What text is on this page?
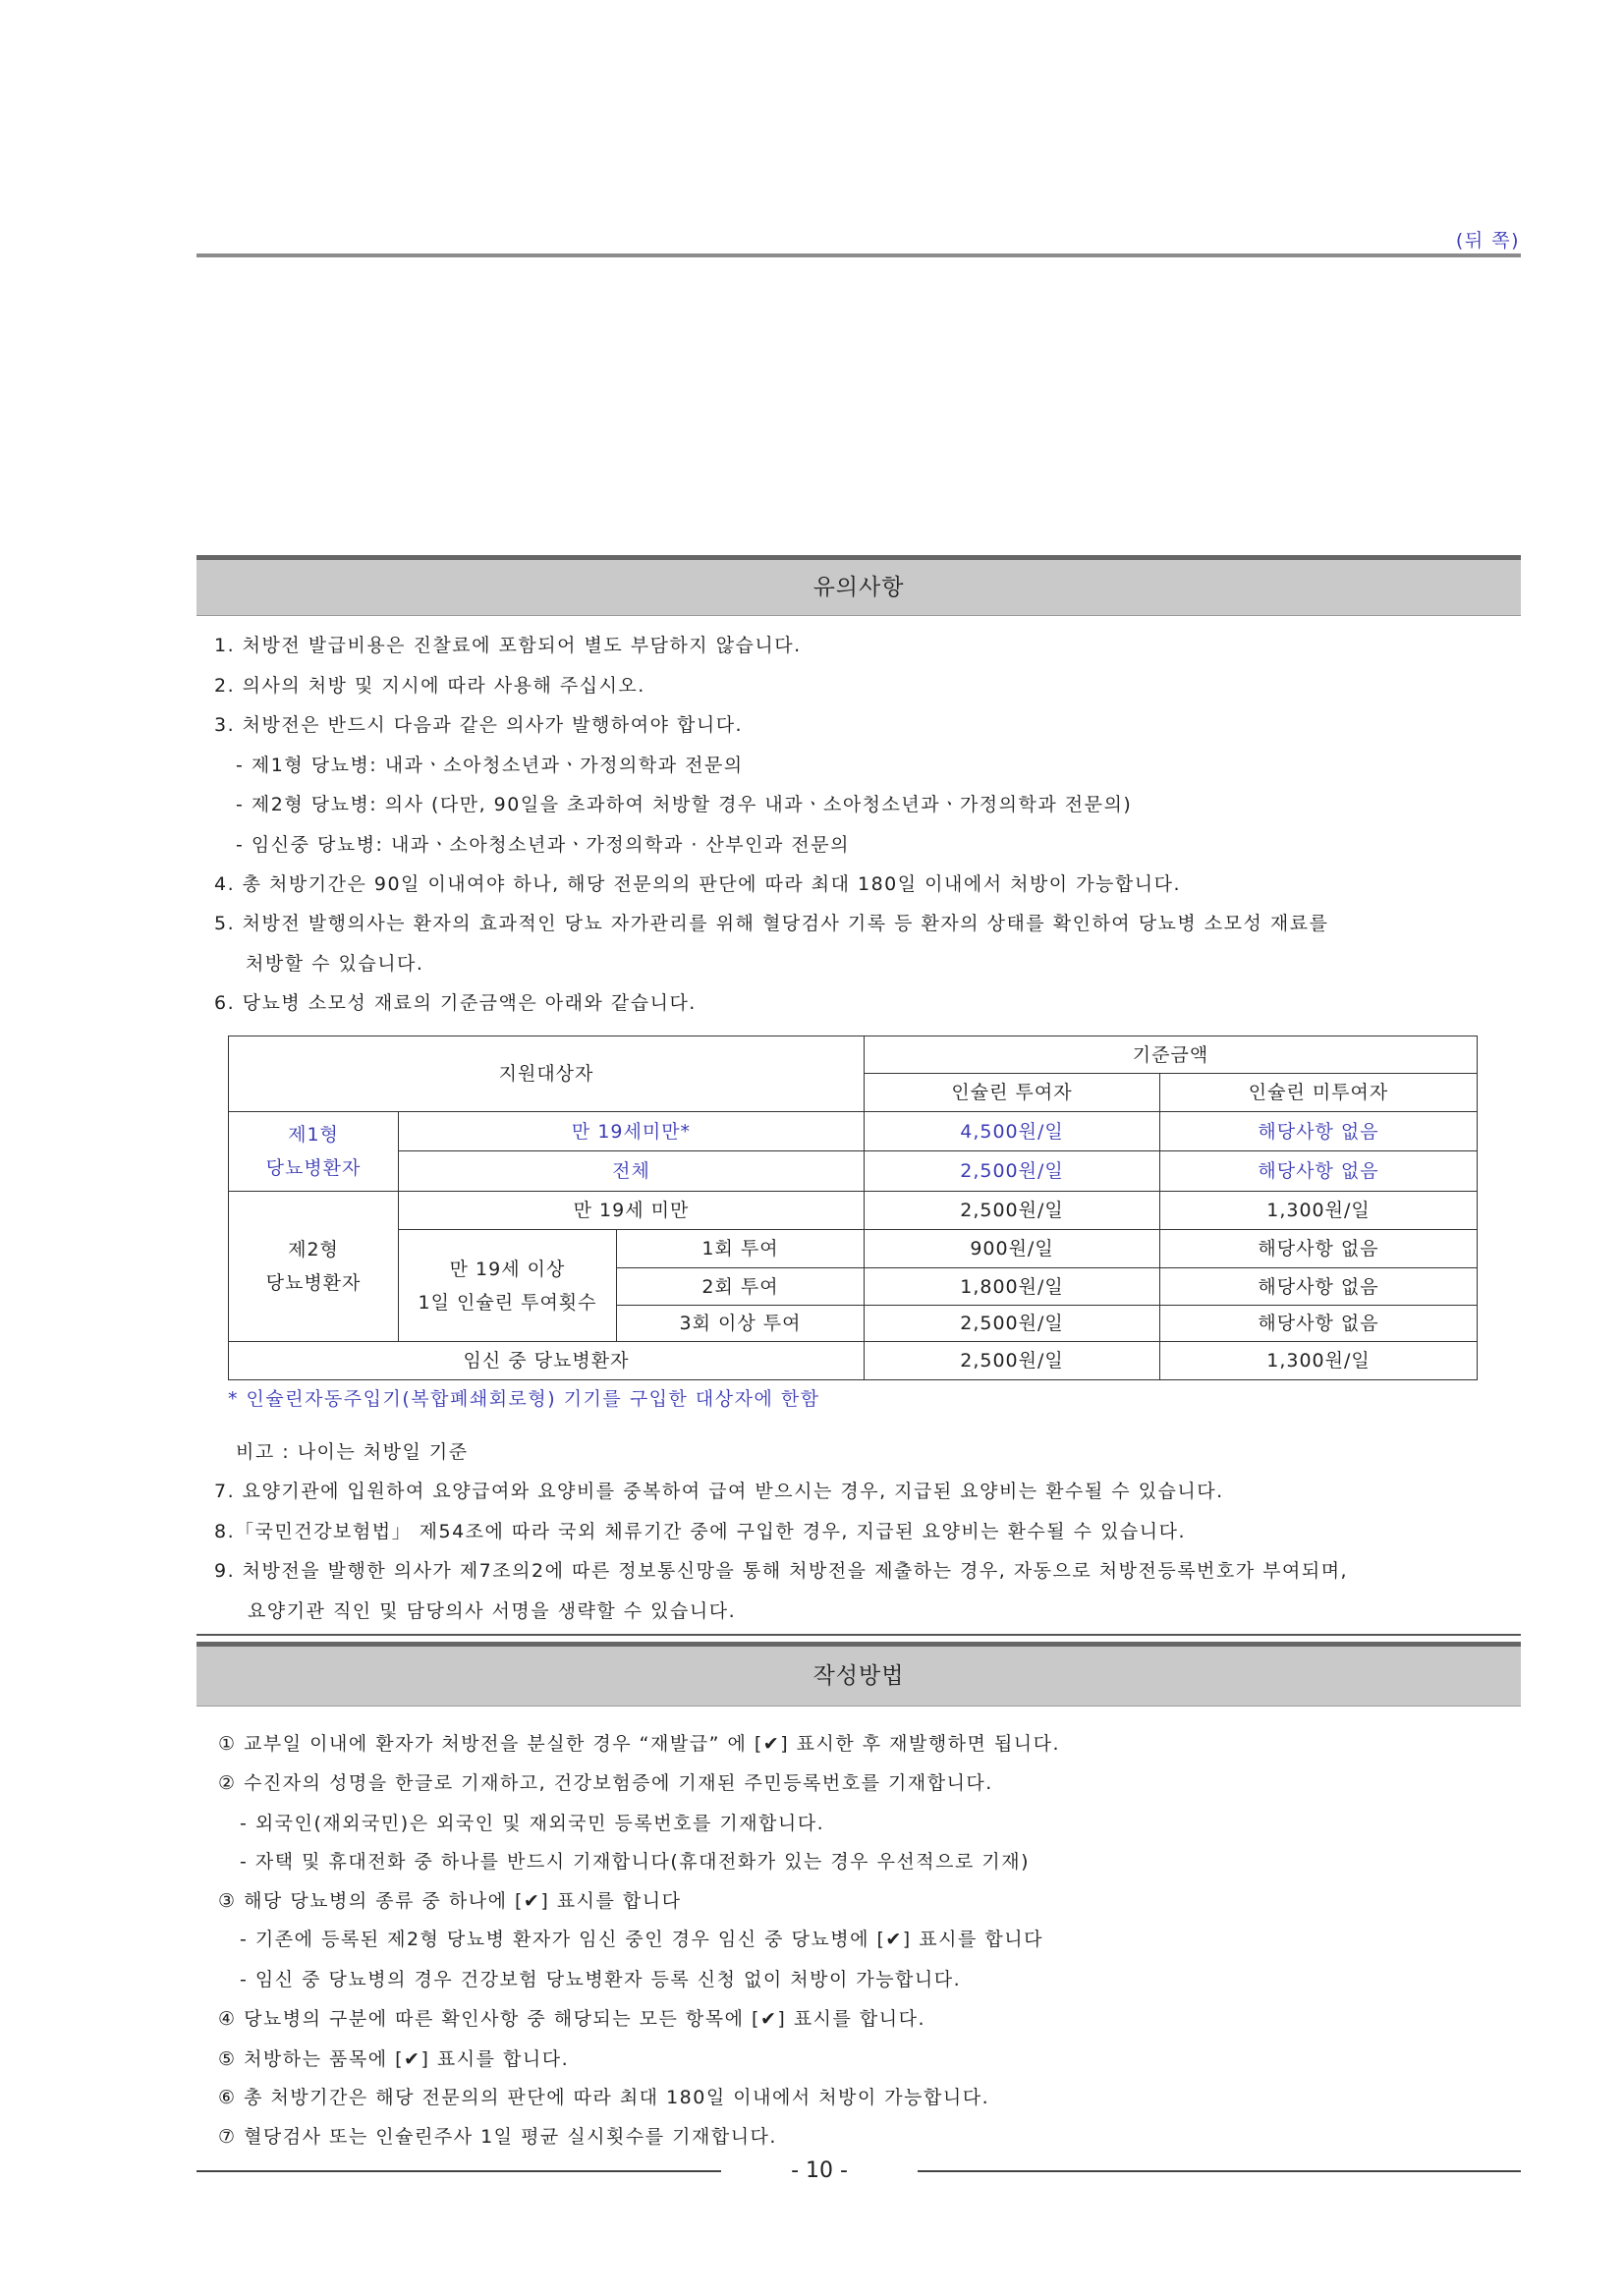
(뒤 쪽)
유의사항
1. 처방전 발급비용은 진찰료에 포함되어 별도 부담하지 않습니다.
2. 의사의 처방 및 지시에 따라 사용해 주십시오.
3. 처방전은 반드시 다음과 같은 의사가 발행하여야 합니다.
- 제1형 당뇨병: 내과ㆍ소아청소년과ㆍ가정의학과 전문의
- 제2형 당뇨병: 의사 (다만, 90일을 초과하여 처방할 경우 내과ㆍ소아청소년과ㆍ가정의학과 전문의)
- 임신중 당뇨병: 내과ㆍ소아청소년과ㆍ가정의학과 · 산부인과 전문의
4. 총 처방기간은 90일 이내여야 하나, 해당 전문의의 판단에 따라 최대 180일 이내에서 처방이 가능합니다.
5. 처방전 발행의사는 환자의 효과적인 당뇨 자가관리를 위해 혈당검사 기록 등 환자의 상태를 확인하여 당뇨병 소모성 재료를
처방할 수 있습니다.
6. 당뇨병 소모성 재료의 기준금액은 아래와 같습니다.
지원대상자			기준금액	
			인슐린 투여자	인슐린 미투여자

제1형
당뇨병환자	만 19세미만*		4,500원/일	해당사항 없음
	전체		2,500원/일	해당사항 없음

제2형
당뇨병환자	만 19세 미만		2,500원/일	1,300원/일

	만 19세 이상
1일 인슐린 투여횟수	1회 투여	900원/일	해당사항 없음
		2회 투여	1,800원/일	해당사항 없음
		3회 이상 투여	2,500원/일	해당사항 없음
임신 중 당뇨병환자			2,500원/일	1,300원/일
* 인슐린자동주입기(복합폐쇄회로형) 기기를 구입한 대상자에 한함
비고 : 나이는 처방일 기준
7. 요양기관에 입원하여 요양급여와 요양비를 중복하여 급여 받으시는 경우, 지급된 요양비는 환수될 수 있습니다.
8.「국민건강보험법」 제54조에 따라 국외 체류기간 중에 구입한 경우, 지급된 요양비는 환수될 수 있습니다.
9. 처방전을 발행한 의사가 제7조의2에 따른 정보통신망을 통해 처방전을 제출하는 경우, 자동으로 처방전등록번호가 부여되며,
요양기관 직인 및 담당의사 서명을 생략할 수 있습니다.
작성방법
① 교부일 이내에 환자가 처방전을 분실한 경우 “재발급” 에 [✔] 표시한 후 재발행하면 됩니다.
② 수진자의 성명을 한글로 기재하고, 건강보험증에 기재된 주민등록번호를 기재합니다.
- 외국인(재외국민)은 외국인 및 재외국민 등록번호를 기재합니다.
- 자택 및 휴대전화 중 하나를 반드시 기재합니다(휴대전화가 있는 경우 우선적으로 기재)
③ 해당 당뇨병의 종류 중 하나에 [✔] 표시를 합니다
- 기존에 등록된 제2형 당뇨병 환자가 임신 중인 경우 임신 중 당뇨병에 [✔] 표시를 합니다
- 임신 중 당뇨병의 경우 건강보험 당뇨병환자 등록 신청 없이 처방이 가능합니다.
④ 당뇨병의 구분에 따른 확인사항 중 해당되는 모든 항목에 [✔] 표시를 합니다.
⑤ 처방하는 품목에 [✔] 표시를 합니다.
⑥ 총 처방기간은 해당 전문의의 판단에 따라 최대 180일 이내에서 처방이 가능합니다.
⑦ 혈당검사 또는 인슐린주사 1일 평균 실시횟수를 기재합니다.
- 10 -
